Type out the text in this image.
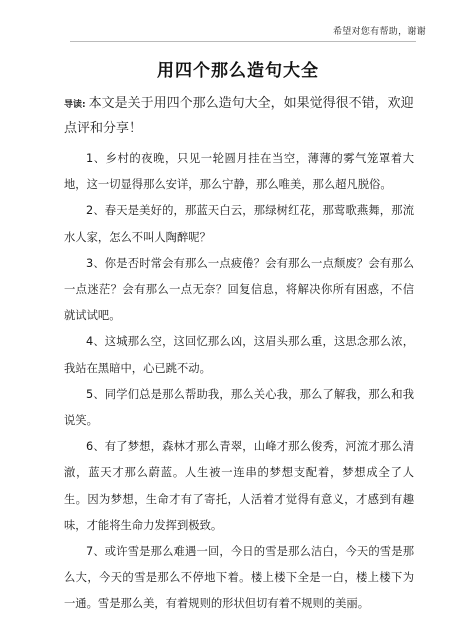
希望对您有帮助，谢谢
用四个那么造句大全
导读: 本文是关于用四个那么造句大全，如果觉得很不错，欢迎点评和分享！

1、乡村的夜晚，只见一轮圆月挂在当空，薄薄的雾气笼罩着大地，这一切显得那么安详，那么宁静，那么唯美，那么超凡脱俗。

2、春天是美好的，那蓝天白云，那绿树红花，那莺歌燕舞，那流水人家，怎么不叫人陶醉呢？

3、你是否时常会有那么一点疲倦？会有那么一点颓废？会有那么一点迷茫？会有那么一点无奈？回复信息，将解决你所有困惑，不信就试试吧。

4、这城那么空，这回忆那么凶，这眉头那么重，这思念那么浓，我站在黑暗中，心已跳不动。

5、同学们总是那么帮助我，那么关心我，那么了解我，那么和我说笑。

6、有了梦想，森林才那么青翠，山峰才那么俊秀，河流才那么清澈，蓝天才那么蔚蓝。人生被一连串的梦想支配着，梦想成全了人生。因为梦想，生命才有了寄托，人活着才觉得有意义，才感到有趣味，才能将生命力发挥到极致。

7、或许雪是那么难遇一回，今日的雪是那么洁白，今天的雪是那么大，今天的雪是那么不停地下着。楼上楼下全是一白，楼上楼下为一通。雪是那么美，有着规则的形状但切有着不规则的美丽。
